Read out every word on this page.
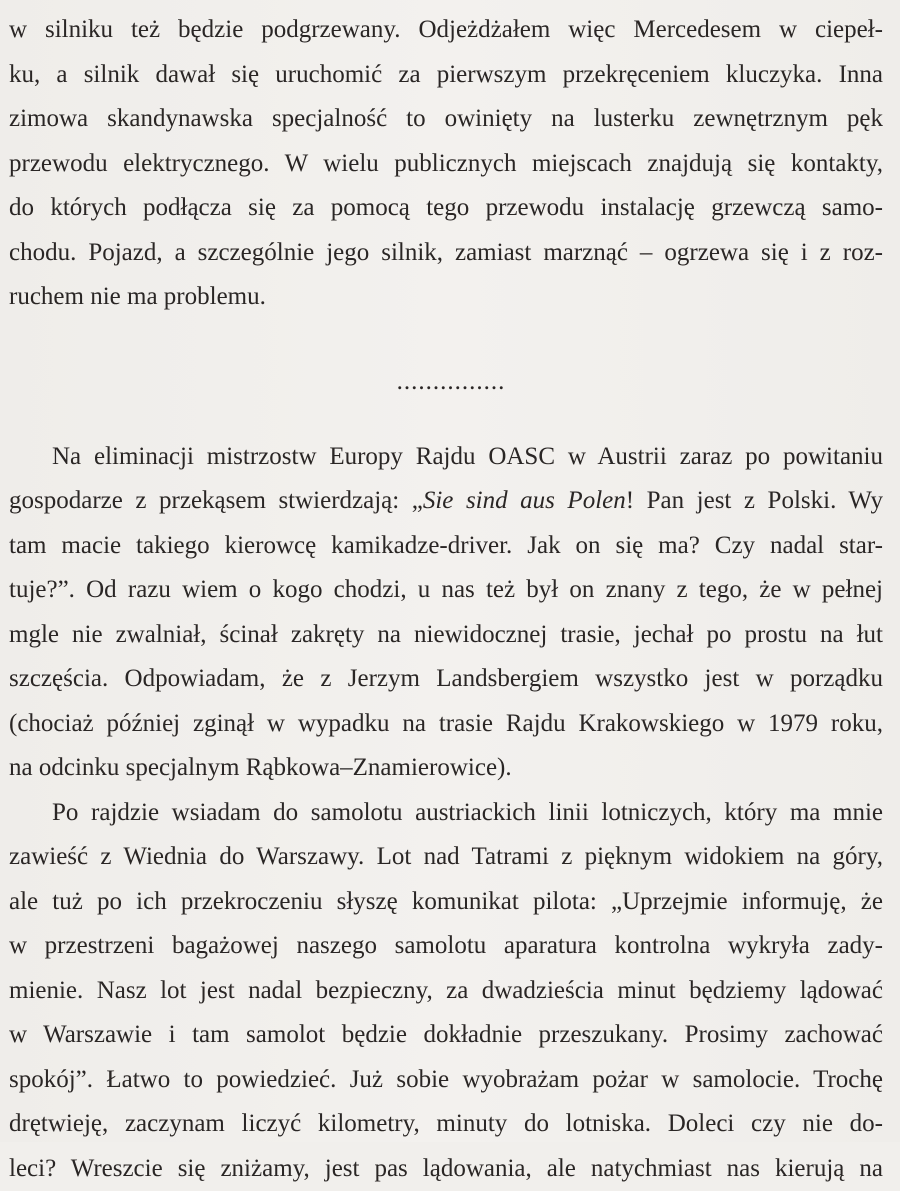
w silniku też będzie podgrzewany. Odjeżdżałem więc Mercedesem w ciepeł-
ku, a silnik dawał się uruchomić za pierwszym przekręceniem kluczyka. Inna
zimowa skandynawska specjalność to owinięty na lusterku zewnętrznym pęk
przewodu elektrycznego. W wielu publicznych miejscach znajdują się kontakty,
do których podłącza się za pomocą tego przewodu instalację grzewczą samo-
chodu. Pojazd, a szczególnie jego silnik, zamiast marznąć – ogrzewa się i z roz-
ruchem nie ma problemu.
...............
Na eliminacji mistrzostw Europy Rajdu OASC w Austrii zaraz po powitaniu
gospodarze z przekąsem stwierdzają: „Sie sind aus Polen! Pan jest z Polski. Wy
tam macie takiego kierowcę kamikadze-driver. Jak on się ma? Czy nadal star-
tuje?”. Od razu wiem o kogo chodzi, u nas też był on znany z tego, że w pełnej
mgle nie zwalniał, ścinał zakręty na niewidocznej trasie, jechał po prostu na łut
szczęścia. Odpowiadam, że z Jerzym Landsbergiem wszystko jest w porządku
(chociaż później zginął w wypadku na trasie Rajdu Krakowskiego w 1979 roku,
na odcinku specjalnym Rąbkowa–Znamierowice).
Po rajdzie wsiadam do samolotu austriackich linii lotniczych, który ma mnie
zawieść z Wiednia do Warszawy. Lot nad Tatrami z pięknym widokiem na góry,
ale tuż po ich przekroczeniu słyszę komunikat pilota: „Uprzejmie informuję, że
w przestrzeni bagażowej naszego samolotu aparatura kontrolna wykryła zady-
mienie. Nasz lot jest nadal bezpieczny, za dwadzieścia minut będziemy lądować
w Warszawie i tam samolot będzie dokładnie przeszukany. Prosimy zachować
spokój”. Łatwo to powiedzieć. Już sobie wyobrażam pożar w samolocie. Trochę
drętwieję, zaczynam liczyć kilometry, minuty do lotniska. Doleci czy nie do-
leci? Wreszcie się zniżamy, jest pas lądowania, ale natychmiast nas kierują na
